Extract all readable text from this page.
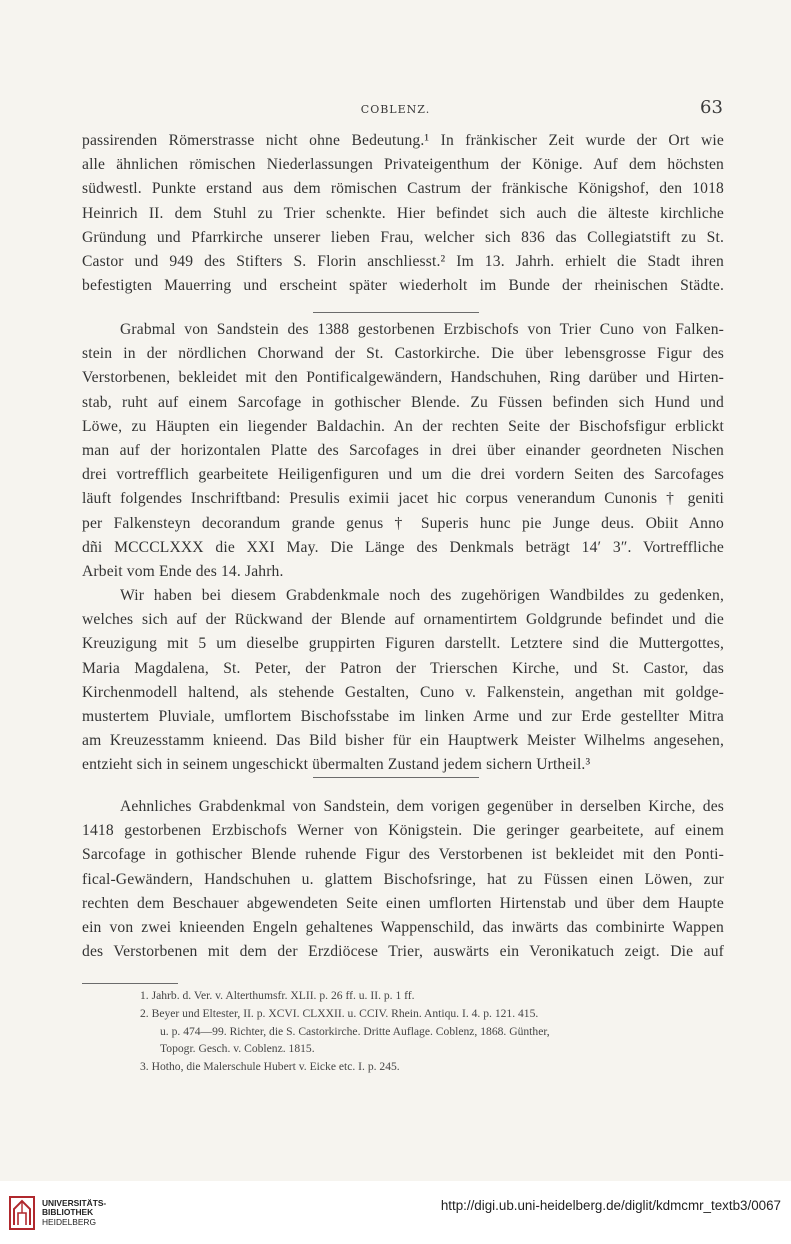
COBLENZ.	63
passirenden Römerstrasse nicht ohne Bedeutung.¹ In fränkischer Zeit wurde der Ort wie
alle ähnlichen römischen Niederlassungen Privateigenthum der Könige. Auf dem höchsten
südwestl. Punkte erstand aus dem römischen Castrum der fränkische Königshof, den 1018
Heinrich II. dem Stuhl zu Trier schenkte. Hier befindet sich auch die älteste kirchliche
Gründung und Pfarrkirche unserer lieben Frau, welcher sich 836 das Collegiatstift zu St.
Castor und 949 des Stifters S. Florin anschliesst.² Im 13. Jahrh. erhielt die Stadt ihren
befestigten Mauerring und erscheint später wiederholt im Bunde der rheinischen Städte.
Grabmal von Sandstein des 1388 gestorbenen Erzbischofs von Trier Cuno von Falken-
stein in der nördlichen Chorwand der St. Castorkirche. Die über lebensgrosse Figur des
Verstorbenen, bekleidet mit den Pontificalgewändern, Handschuhen, Ring darüber und Hirten-
stab, ruht auf einem Sarcofage in gothischer Blende. Zu Füssen befinden sich Hund und
Löwe, zu Häupten ein liegender Baldachin. An der rechten Seite der Bischofsfigur erblickt
man auf der horizontalen Platte des Sarcofages in drei über einander geordneten Nischen
drei vortrefflich gearbeitete Heiligenfiguren und um die drei vordern Seiten des Sarcofages
läuft folgendes Inschriftband: Presulis eximii jacet hic corpus venerandum Cunonis † geniti
per Falkensteyn decorandum grande genus † Superis hunc pie Junge deus. Obiit Anno
dñi MCCCLXXX die XXI May. Die Länge des Denkmals beträgt 14′ 3″. Vortreffliche
Arbeit vom Ende des 14. Jahrh.
Wir haben bei diesem Grabdenkmale noch des zugehörigen Wandbildes zu gedenken,
welches sich auf der Rückwand der Blende auf ornamentirtem Goldgrunde befindet und die
Kreuzigung mit 5 um dieselbe gruppirten Figuren darstellt. Letztere sind die Muttergottes,
Maria Magdalena, St. Peter, der Patron der Trierschen Kirche, und St. Castor, das
Kirchenmodell haltend, als stehende Gestalten, Cuno v. Falkenstein, angethan mit goldge-
mustertem Pluviale, umflortem Bischofsstabe im linken Arme und zur Erde gestellter Mitra
am Kreuzesstamm knieend. Das Bild bisher für ein Hauptwerk Meister Wilhelms angesehen,
entzieht sich in seinem ungeschickt übermalten Zustand jedem sichern Urtheil.³
Aehnliches Grabdenkmal von Sandstein, dem vorigen gegenüber in derselben Kirche, des
1418 gestorbenen Erzbischofs Werner von Königstein. Die geringer gearbeitete, auf einem
Sarcofage in gothischer Blende ruhende Figur des Verstorbenen ist bekleidet mit den Ponti-
fical-Gewändern, Handschuhen u. glattem Bischofsringe, hat zu Füssen einen Löwen, zur
rechten dem Beschauer abgewendeten Seite einen umflorten Hirtenstab und über dem Haupte
ein von zwei knieenden Engeln gehaltenes Wappenschild, das inwärts das combinirte Wappen
des Verstorbenen mit dem der Erzdiöcese Trier, auswärts ein Veronikatuch zeigt. Die auf
1. Jahrb. d. Ver. v. Alterthumsfr. XLII. p. 26 ff. u. II. p. 1 ff.
2. Beyer und Eltester, II. p. XCVI. CLXXII. u. CCIV. Rhein. Antiqu. I. 4. p. 121. 415.
u. p. 474—99. Richter, die S. Castorkirche. Dritte Auflage. Coblenz, 1868. Günther,
Topogr. Gesch. v. Coblenz. 1815.
3. Hotho, die Malerschule Hubert v. Eicke etc. I. p. 245.
UNIVERSITÄTS-
BIBLIOTHEK
HEIDELBERG
http://digi.ub.uni-heidelberg.de/diglit/kdmcmr_textb3/0067
